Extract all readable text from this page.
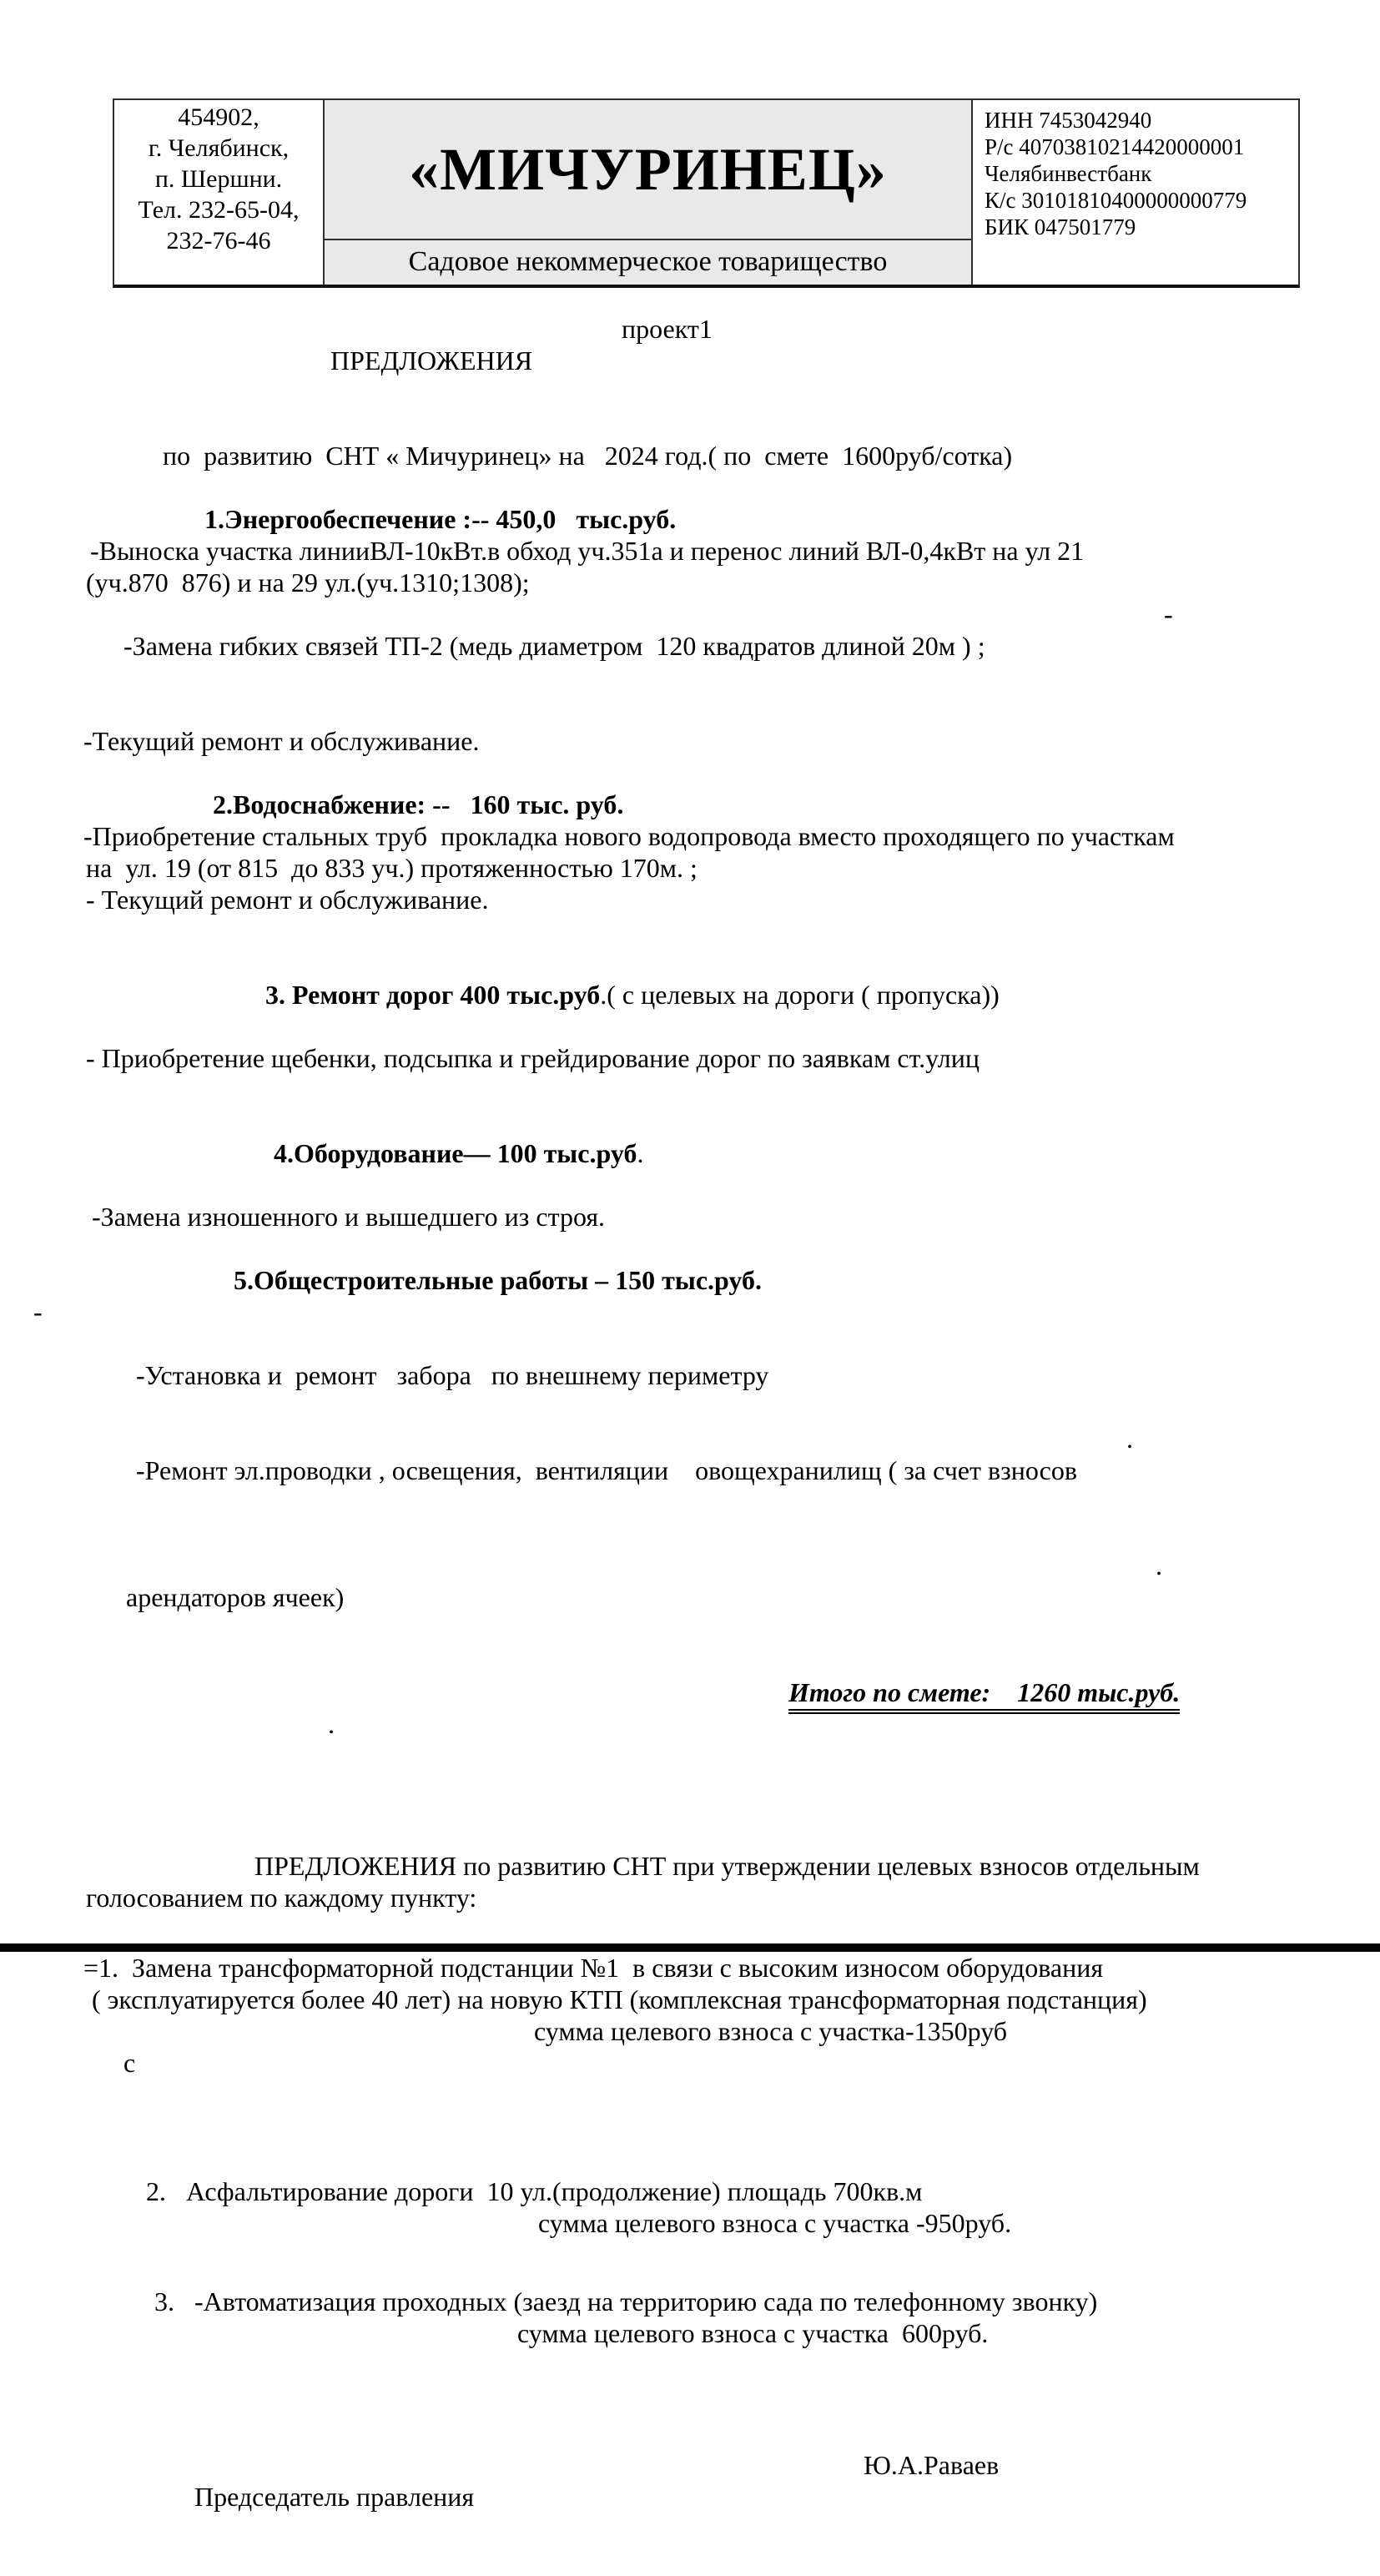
454902,
г. Челябинск,
п. Шершни.
Тел. 232-65-04,
232-76-46
«МИЧУРИНЕЦ»
Садовое некоммерческое товарищество
ИНН 7453042940
Р/с 40703810214420000001
Челябинвестбанк
К/с 30101810400000000779
БИК 047501779

ПРЕДЛОЖЕНИЯ

проект1

по  развитию  СНТ « Мичуринец» на   2024 год.( по  смете  1600руб/сотка)
1.Энергообеспечение :-- 450,0   тыс.руб.
-Выноска участка линииВЛ-10кВт.в обход уч.351а и перенос линий ВЛ-0,4кВт на ул 21
(уч.870  876) и на 29 ул.(уч.1310;1308);

-Замена гибких связей ТП-2 (медь диаметром  120 квадратов длиной 20м ) ;

-

-Текущий ремонт и обслуживание.
2.Водоснабжение: --   160 тыс. руб.
-Приобретение стальных труб  прокладка нового водопровода вместо проходящего по участкам
на  ул. 19 (от 815  до 833 уч.) протяженностью 170м. ;
- Текущий ремонт и обслуживание.

3. Ремонт дорог 400 тыс.руб.( с целевых на дороги ( пропуска))

- Приобретение щебенки, подсыпка и грейдирование дорог по заявкам ст.улиц

4.Оборудование— 100 тыс.руб.

-Замена изношенного и вышедшего из строя.
5.Общестроительные работы – 150 тыс.руб.

-

-Установка и  ремонт   забора   по внешнему периметру

-Ремонт эл.проводки , освещения,  вентиляции    овощехранилищ ( за счет взносов

.

арендаторов ячеек)

.

.

Итого по смете:    1260 тыс.руб.

ПРЕДЛОЖЕНИЯ по развитию СНТ при утверждении целевых взносов отдельным
голосованием по каждому пункту:
=1.  Замена трансформаторной подстанции №1  в связи с высоким износом оборудования
( эксплуатируется более 40 лет) на новую КТП (комплексная трансформаторная подстанция)

с

сумма целевого взноса с участка-1350руб

2.   Асфальтирование дороги  10 ул.(продолжение) площадь 700кв.м
сумма целевого взноса с участка -950руб.
3.   -Автоматизация проходных (заезд на территорию сада по телефонному звонку)
сумма целевого взноса с участка  600руб.

Председатель правления

Ю.А.Раваев
